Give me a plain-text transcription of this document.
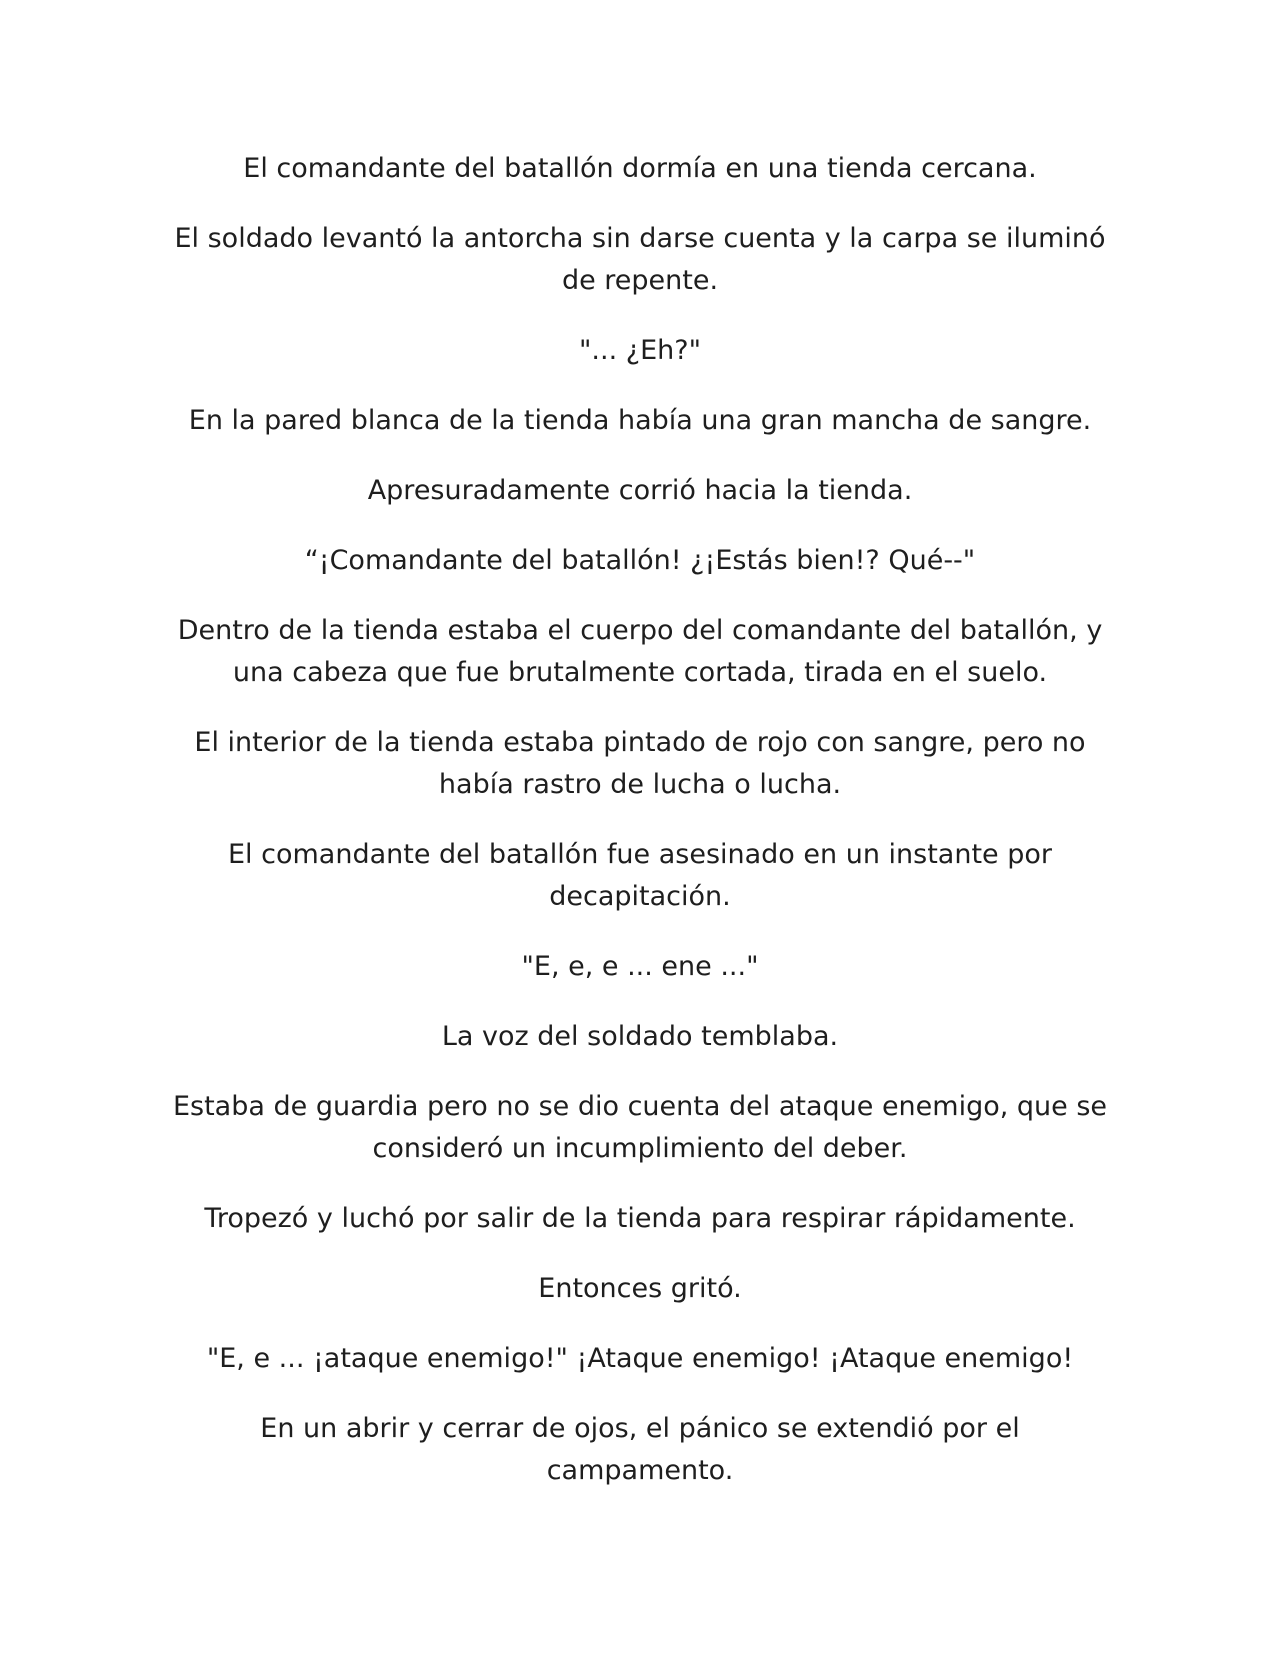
El comandante del batallón dormía en una tienda cercana.

El soldado levantó la antorcha sin darse cuenta y la carpa se iluminó de repente.

"... ¿Eh?"

En la pared blanca de la tienda había una gran mancha de sangre.

Apresuradamente corrió hacia la tienda.

“¡Comandante del batallón! ¿¡Estás bien!? Qué--"

Dentro de la tienda estaba el cuerpo del comandante del batallón, y una cabeza que fue brutalmente cortada, tirada en el suelo.

El interior de la tienda estaba pintado de rojo con sangre, pero no había rastro de lucha o lucha.

El comandante del batallón fue asesinado en un instante por decapitación.

"E, e, e ... ene ..."

La voz del soldado temblaba.

Estaba de guardia pero no se dio cuenta del ataque enemigo, que se consideró un incumplimiento del deber.

Tropezó y luchó por salir de la tienda para respirar rápidamente.

Entonces gritó.

"E, e ... ¡ataque enemigo!" ¡Ataque enemigo! ¡Ataque enemigo!

En un abrir y cerrar de ojos, el pánico se extendió por el campamento.
